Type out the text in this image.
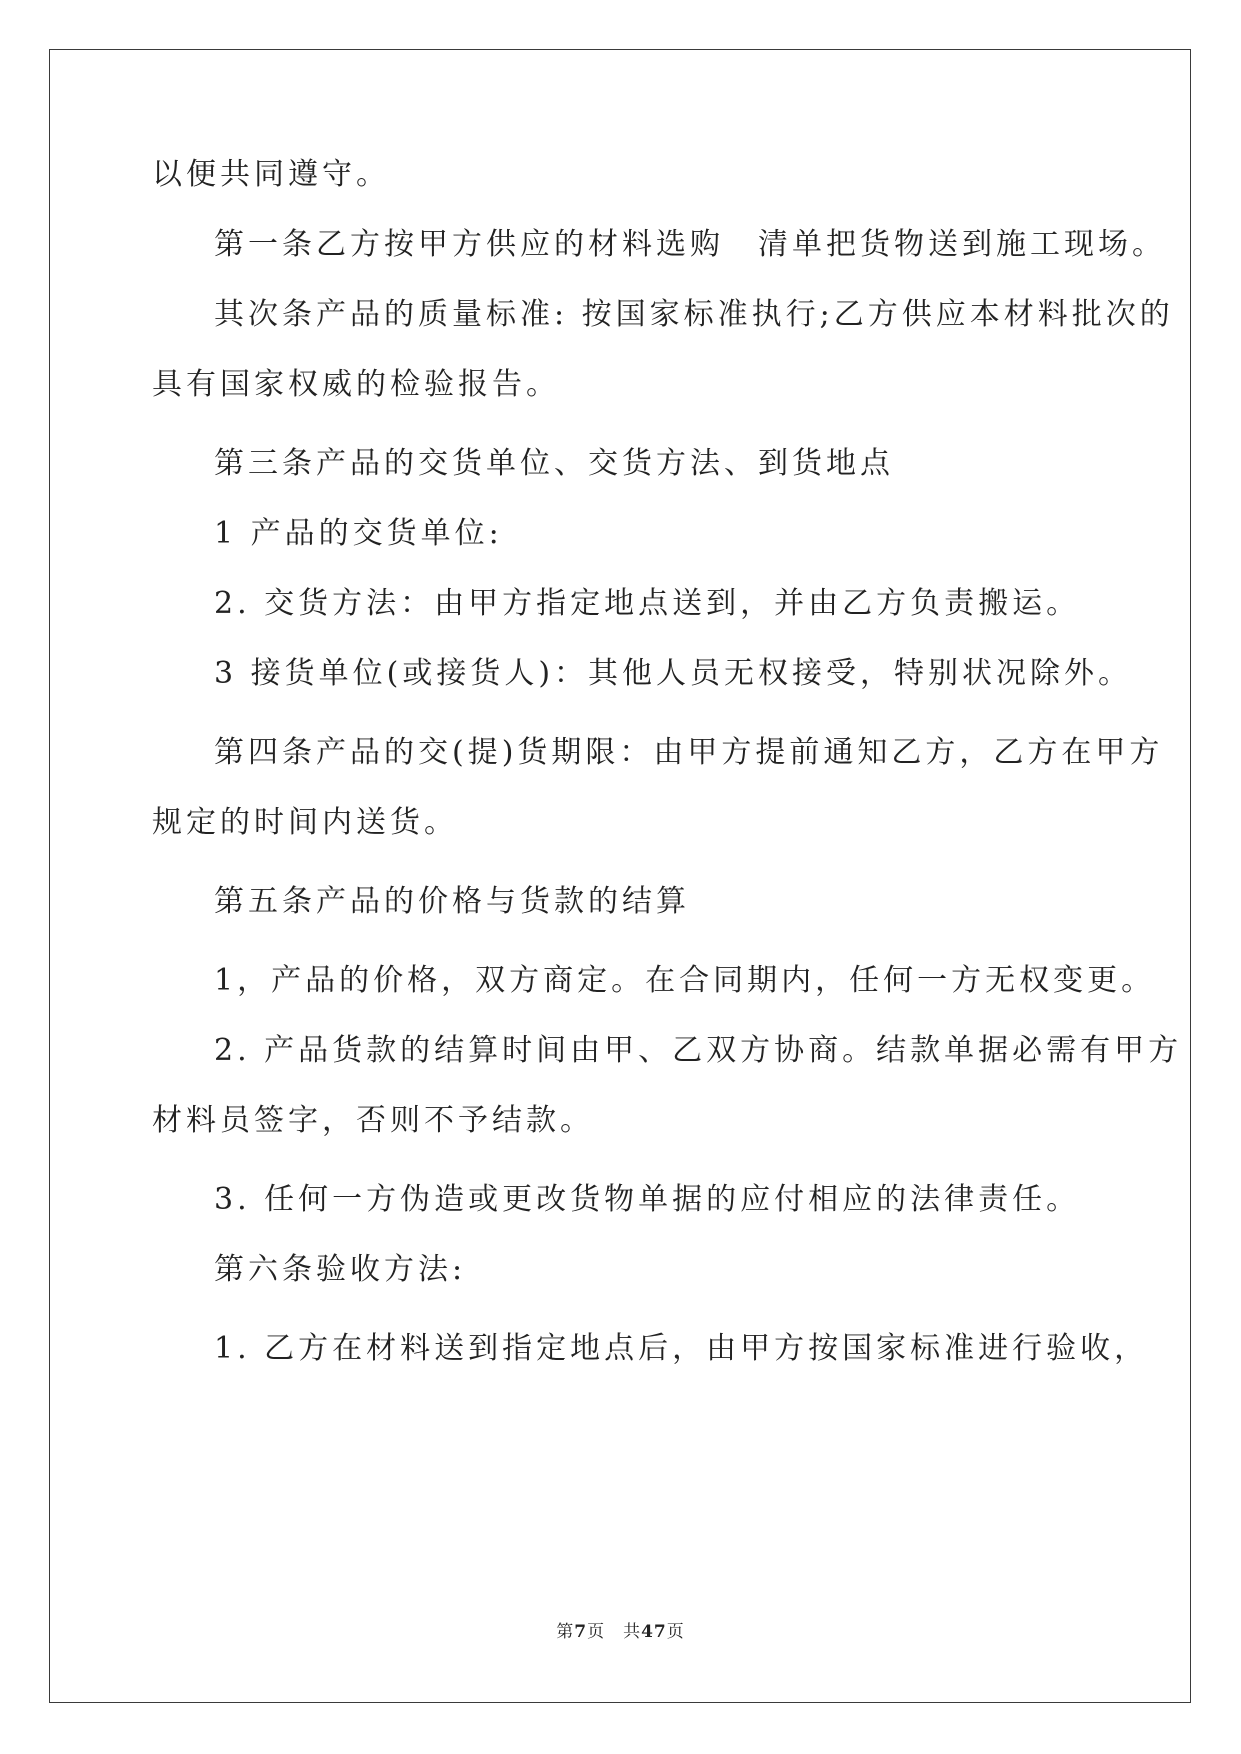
以便共同遵守。
第一条乙方按甲方供应的材料选购　清单把货物送到施工现场。
其次条产品的质量标准: 按国家标准执行;乙方供应本材料批次的
具有国家权威的检验报告。
第三条产品的交货单位、交货方法、到货地点
1 产品的交货单位:
2. 交货方法：由甲方指定地点送到，并由乙方负责搬运。
3 接货单位(或接货人)：其他人员无权接受，特别状况除外。
第四条产品的交(提)货期限：由甲方提前通知乙方，乙方在甲方
规定的时间内送货。
第五条产品的价格与货款的结算
1，产品的价格，双方商定。在合同期内，任何一方无权变更。
2. 产品货款的结算时间由甲、乙双方协商。结款单据必需有甲方
材料员签字，否则不予结款。
3. 任何一方伪造或更改货物单据的应付相应的法律责任。
第六条验收方法:
1. 乙方在材料送到指定地点后，由甲方按国家标准进行验收，
第7页　共47页
